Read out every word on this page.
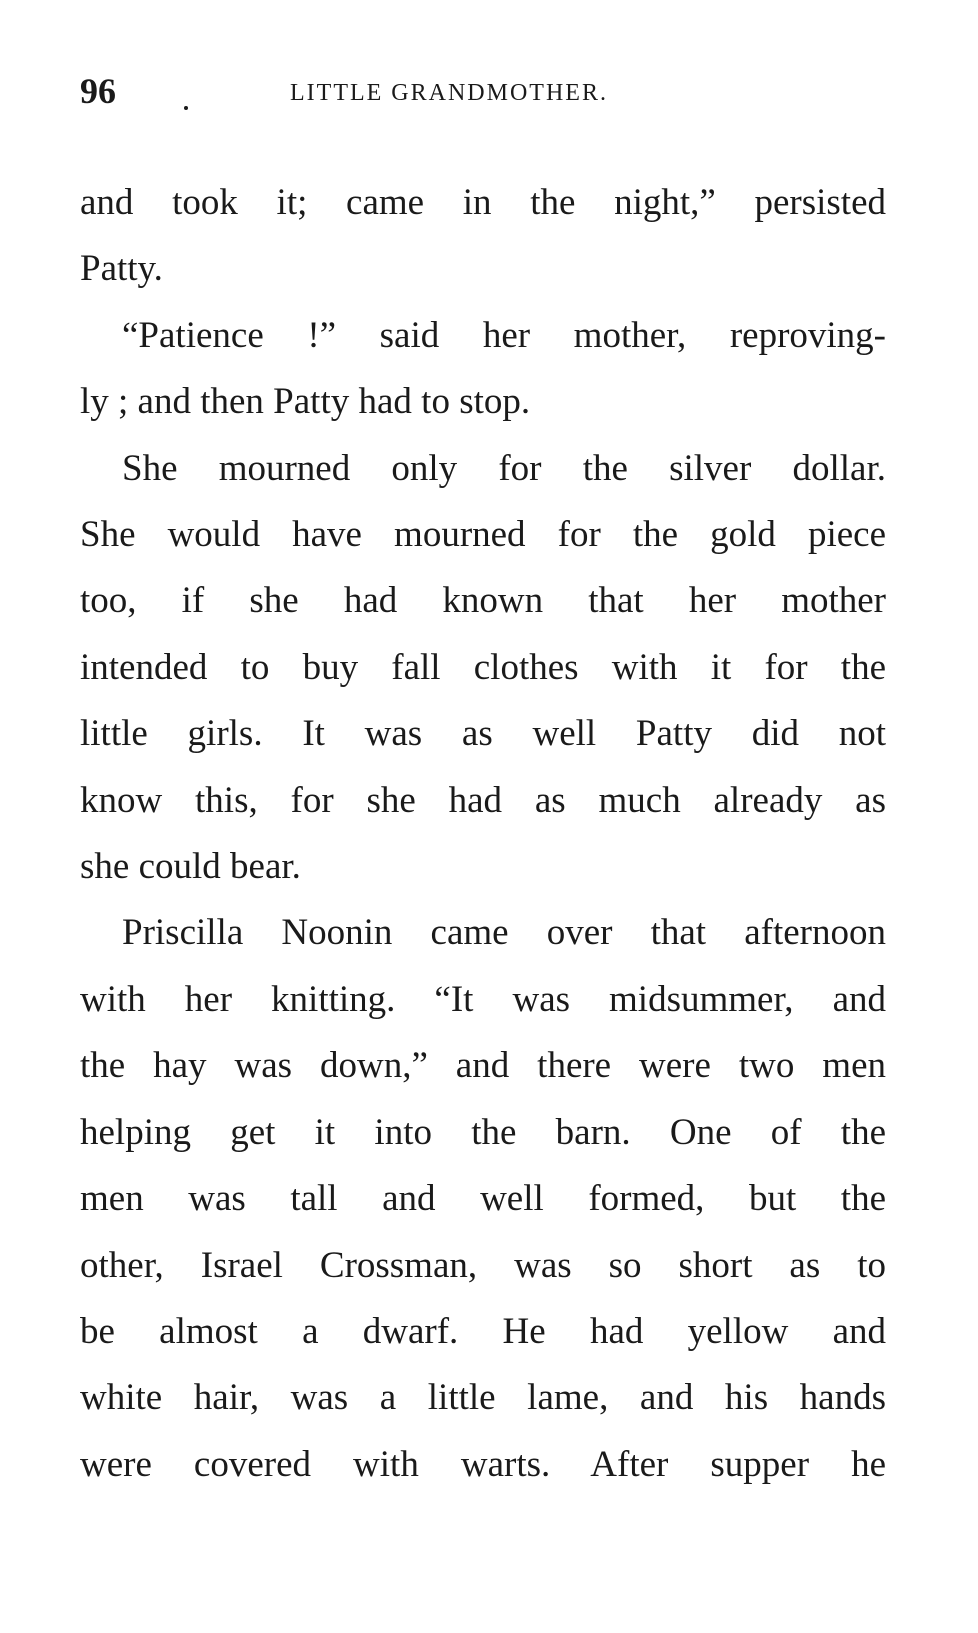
96	LITTLE GRANDMOTHER.
and took it; came in the night,” persisted
Patty.
“Patience !” said her mother, reproving-
ly ; and then Patty had to stop.
She mourned only for the silver dollar.
She would have mourned for the gold piece
too, if she had known that her mother
intended to buy fall clothes with it for the
little girls. It was as well Patty did not
know this, for she had as much already as
she could bear.
Priscilla Noonin came over that afternoon
with her knitting. “It was midsummer, and
the hay was down,” and there were two men
helping get it into the barn. One of the
men was tall and well formed, but the
other, Israel Crossman, was so short as to
be almost a dwarf. He had yellow and
white hair, was a little lame, and his hands
were covered with warts. After supper he
